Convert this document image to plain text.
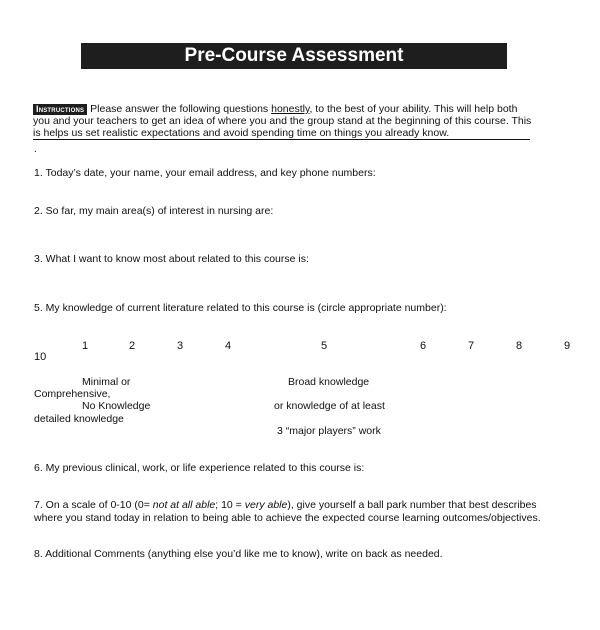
Pre-Course Assessment
Instructions Please answer the following questions honestly, to the best of your ability. This will help both you and your teachers to get an idea of where you and the group stand at the beginning of this course. This is helps us set realistic expectations and avoid spending time on things you already know.
.
1. Today’s date, your name, your email address, and key phone numbers:
2. So far, my main area(s) of interest in nursing are:
3. What I want to know most about related to this course is:
5. My knowledge of current literature related to this course is (circle appropriate number):
1	2	3	4	5	6	7	8	9
10
Minimal or	Broad knowledge
Comprehensive,
No Knowledge	or knowledge of at least
detailed knowledge
3 “major players” work
6. My previous clinical, work, or life experience related to this course is:
7. On a scale of 0-10 (0= not at all able; 10 = very able), give yourself a ball park number that best describes where you stand today in relation to being able to achieve the expected course learning outcomes/objectives.
8. Additional Comments (anything else you’d like me to know), write on back as needed.
